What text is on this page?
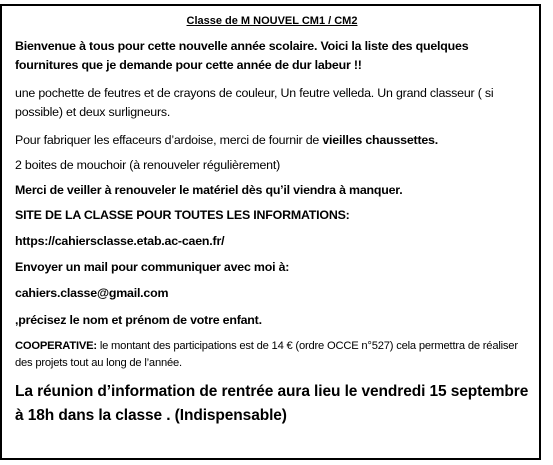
Classe de M NOUVEL CM1 / CM2

Bienvenue à tous pour cette nouvelle année scolaire. Voici la liste des quelques fournitures que je demande pour cette année de dur labeur !!

une pochette de feutres et de crayons de couleur, Un feutre velleda. Un grand classeur ( si possible) et deux surligneurs.

Pour fabriquer les effaceurs d’ardoise, merci de fournir de vieilles chaussettes.

2 boites de mouchoir (à renouveler régulièrement)

Merci de veiller à renouveler le matériel dès qu’il viendra à manquer.

SITE DE LA CLASSE POUR TOUTES LES INFORMATIONS:

https://cahiersclasse.etab.ac-caen.fr/

Envoyer un mail pour communiquer avec moi à:

cahiers.classe@gmail.com

,précisez le nom et prénom de votre enfant.

COOPERATIVE: le montant des participations est de 14 € (ordre OCCE n°527) cela permettra de réaliser des projets tout au long de l’année.

La réunion d’information de rentrée aura lieu le vendredi 15 septembre à 18h dans la classe . (Indispensable)
